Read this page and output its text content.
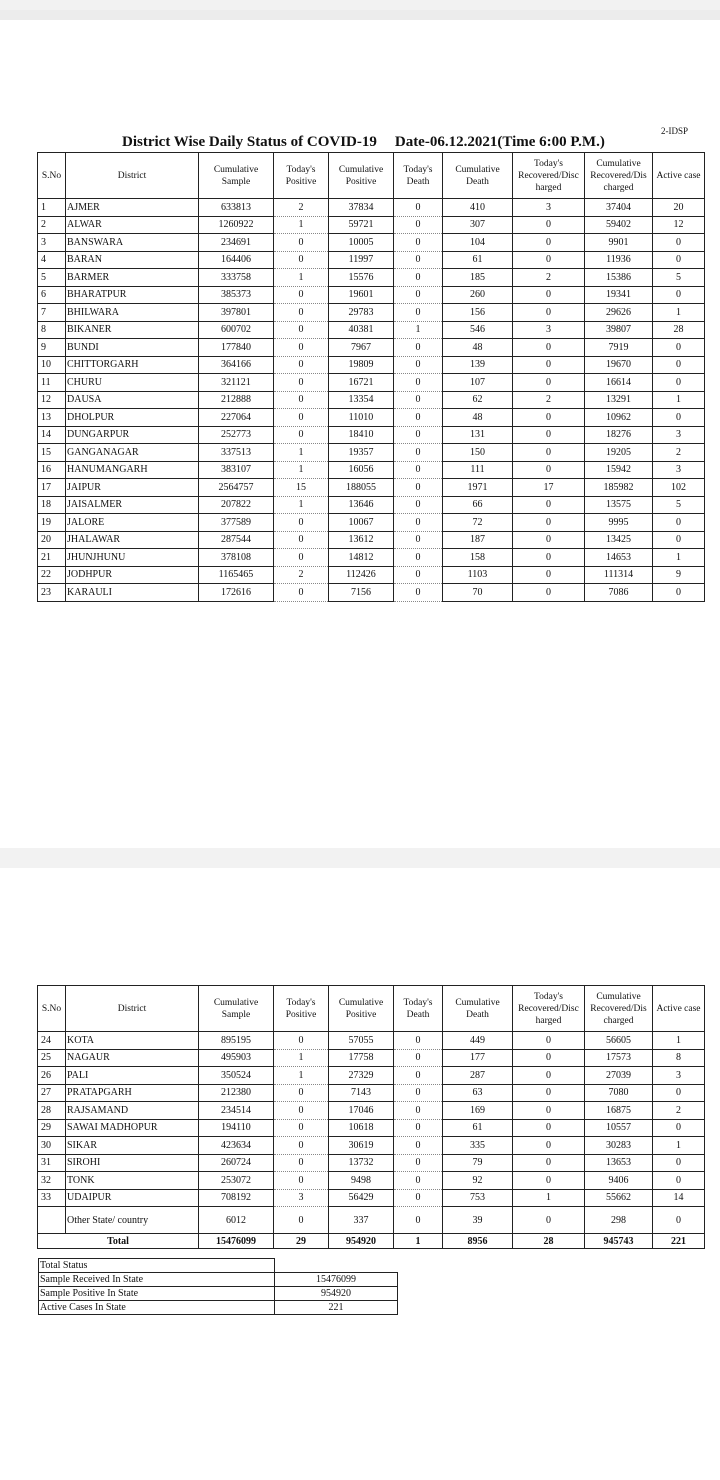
2-IDSP
District Wise Daily Status of COVID-19 Date-06.12.2021(Time 6:00 P.M.)
S.No	District	Cumulative Sample	Today's Positive	Cumulative Positive	Today's Death	Cumulative Death	Today's Recovered/Disc harged	Cumulative Recovered/Dis charged	Active case
1	AJMER	633813	2	37834	0	410	3	37404	20
2	ALWAR	1260922	1	59721	0	307	0	59402	12
3	BANSWARA	234691	0	10005	0	104	0	9901	0
4	BARAN	164406	0	11997	0	61	0	11936	0
5	BARMER	333758	1	15576	0	185	2	15386	5
6	BHARATPUR	385373	0	19601	0	260	0	19341	0
7	BHILWARA	397801	0	29783	0	156	0	29626	1
8	BIKANER	600702	0	40381	1	546	3	39807	28
9	BUNDI	177840	0	7967	0	48	0	7919	0
10	CHITTORGARH	364166	0	19809	0	139	0	19670	0
11	CHURU	321121	0	16721	0	107	0	16614	0
12	DAUSA	212888	0	13354	0	62	2	13291	1
13	DHOLPUR	227064	0	11010	0	48	0	10962	0
14	DUNGARPUR	252773	0	18410	0	131	0	18276	3
15	GANGANAGAR	337513	1	19357	0	150	0	19205	2
16	HANUMANGARH	383107	1	16056	0	111	0	15942	3
17	JAIPUR	2564757	15	188055	0	1971	17	185982	102
18	JAISALMER	207822	1	13646	0	66	0	13575	5
19	JALORE	377589	0	10067	0	72	0	9995	0
20	JHALAWAR	287544	0	13612	0	187	0	13425	0
21	JHUNJHUNU	378108	0	14812	0	158	0	14653	1
22	JODHPUR	1165465	2	112426	0	1103	0	111314	9
23	KARAULI	172616	0	7156	0	70	0	7086	0
S.No	District	Cumulative Sample	Today's Positive	Cumulative Positive	Today's Death	Cumulative Death	Today's Recovered/Disc harged	Cumulative Recovered/Dis charged	Active case
24	KOTA	895195	0	57055	0	449	0	56605	1
25	NAGAUR	495903	1	17758	0	177	0	17573	8
26	PALI	350524	1	27329	0	287	0	27039	3
27	PRATAPGARH	212380	0	7143	0	63	0	7080	0
28	RAJSAMAND	234514	0	17046	0	169	0	16875	2
29	SAWAI MADHOPUR	194110	0	10618	0	61	0	10557	0
30	SIKAR	423634	0	30619	0	335	0	30283	1
31	SIROHI	260724	0	13732	0	79	0	13653	0
32	TONK	253072	0	9498	0	92	0	9406	0
33	UDAIPUR	708192	3	56429	0	753	1	55662	14
	Other State/ country	6012	0	337	0	39	0	298	0
Total		15476099	29	954920	1	8956	28	945743	221
Total Status	
Sample Received In State	15476099
Sample Positive In State	954920
Active Cases In State	221
